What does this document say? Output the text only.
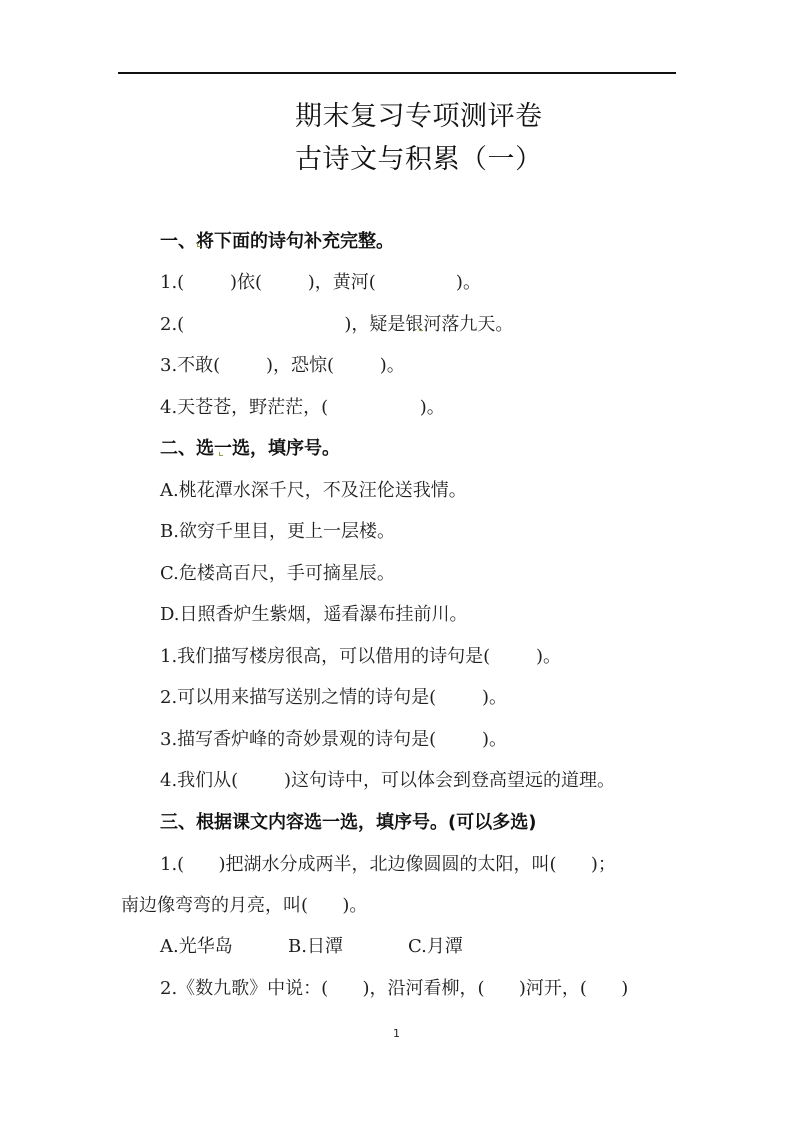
期末复习专项测评卷
古诗文与积累（一）
一、将下面的诗句补充完整。
1.(        )依(        )，黄河(              )。
2.(                            )，疑是银河落九天。
3.不敢(        )，恐惊(        )。
4.天苍苍，野茫茫，(                )。
二、选一选，填序号。
A.桃花潭水深千尺，不及汪伦送我情。
B.欲穷千里目，更上一层楼。
C.危楼高百尺，手可摘星辰。
D.日照香炉生紫烟，遥看瀑布挂前川。
1.我们描写楼房很高，可以借用的诗句是(        )。
2.可以用来描写送别之情的诗句是(        )。
3.描写香炉峰的奇妙景观的诗句是(        )。
4.我们从(        )这句诗中，可以体会到登高望远的道理。
三、根据课文内容选一选，填序号。(可以多选)
1.(      )把湖水分成两半，北边像圆圆的太阳，叫(      )；
南边像弯弯的月亮，叫(      )。
A.光华岛	B.日潭	C.月潭
2.《数九歌》中说：(      )，沿河看柳，(      )河开，(      )
1
